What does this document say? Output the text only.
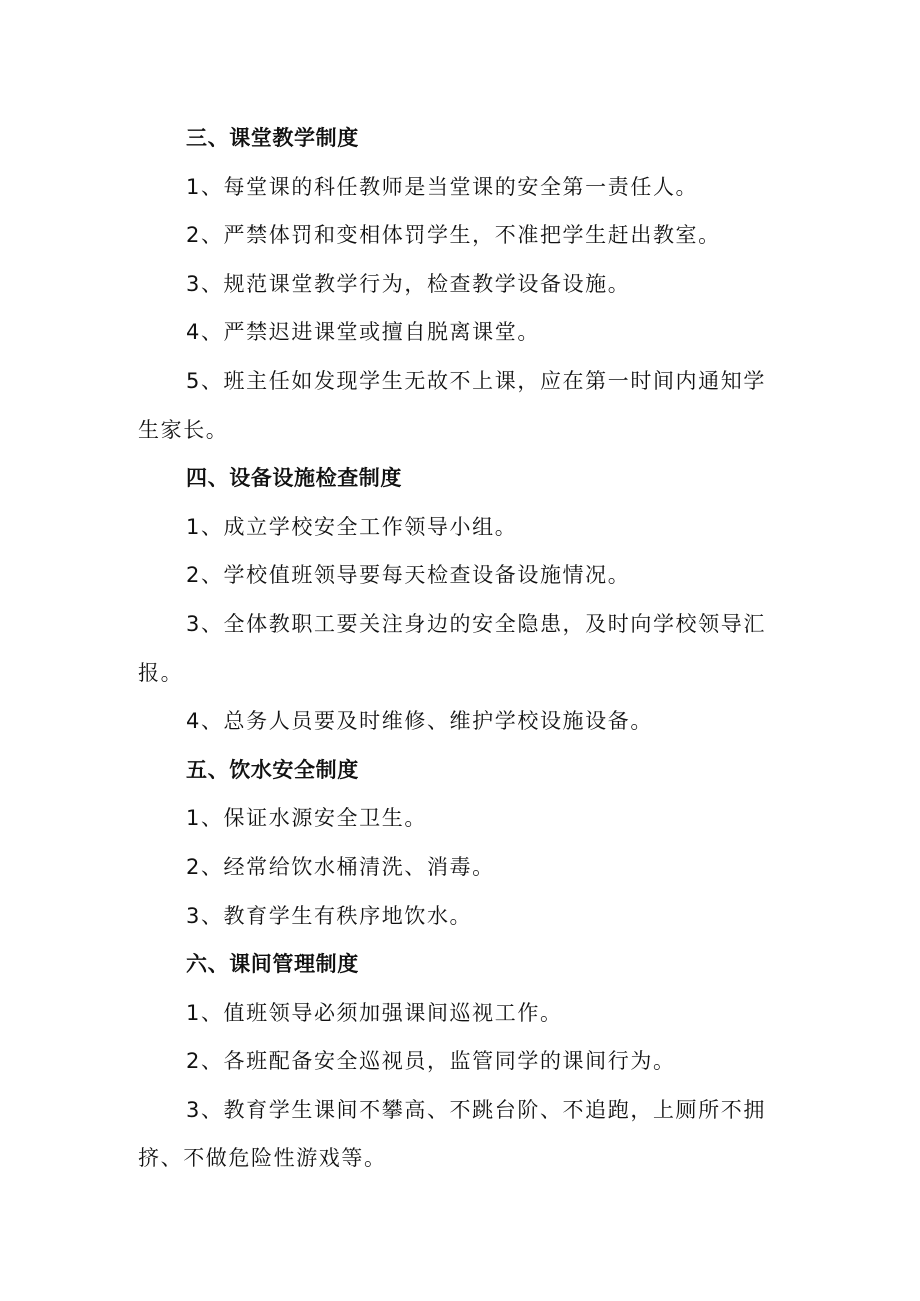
三、课堂教学制度
1、每堂课的科任教师是当堂课的安全第一责任人。
2、严禁体罚和变相体罚学生，不准把学生赶出教室。
3、规范课堂教学行为，检查教学设备设施。
4、严禁迟进课堂或擅自脱离课堂。
5、班主任如发现学生无故不上课，应在第一时间内通知学
生家长。
四、设备设施检查制度
1、成立学校安全工作领导小组。
2、学校值班领导要每天检查设备设施情况。
3、全体教职工要关注身边的安全隐患，及时向学校领导汇
报。
4、总务人员要及时维修、维护学校设施设备。
五、饮水安全制度
1、保证水源安全卫生。
2、经常给饮水桶清洗、消毒。
3、教育学生有秩序地饮水。
六、课间管理制度
1、值班领导必须加强课间巡视工作。
2、各班配备安全巡视员，监管同学的课间行为。
3、教育学生课间不攀高、不跳台阶、不追跑，上厕所不拥
挤、不做危险性游戏等。
